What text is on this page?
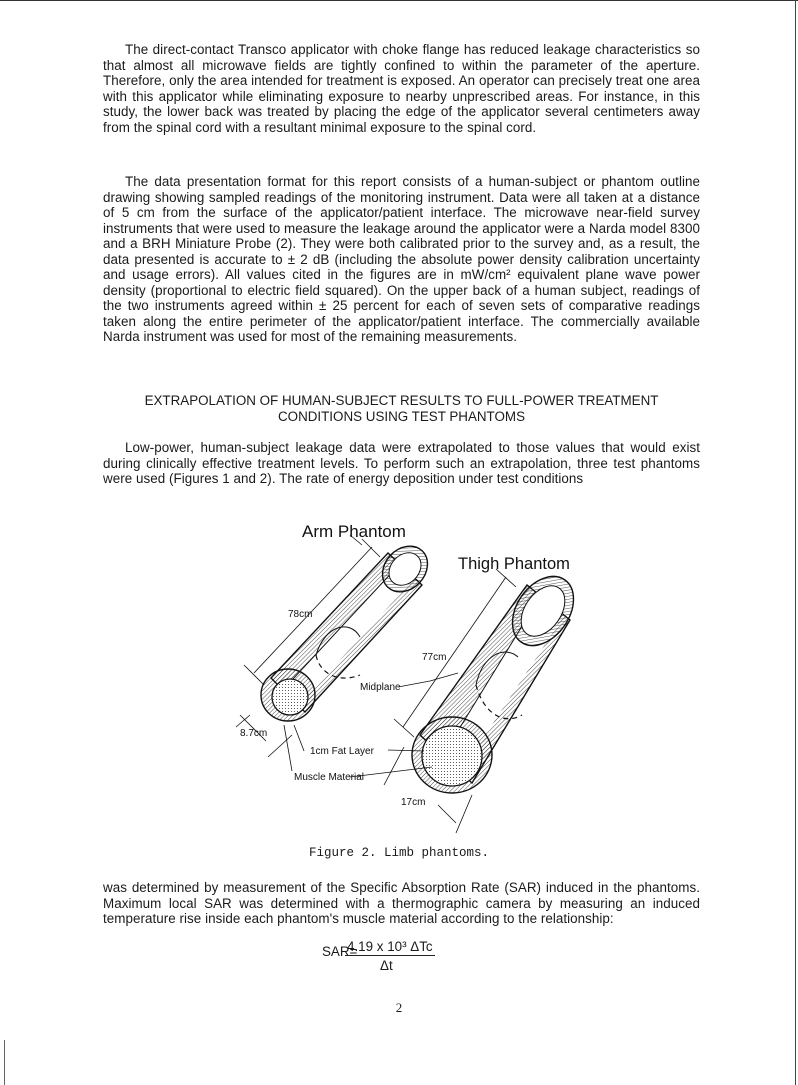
The direct-contact Transco applicator with choke flange has reduced leakage characteristics so that almost all microwave fields are tightly confined to within the parameter of the aperture. Therefore, only the area intended for treatment is exposed. An operator can precisely treat one area with this applicator while eliminating exposure to nearby unprescribed areas. For instance, in this study, the lower back was treated by placing the edge of the applicator several centimeters away from the spinal cord with a resultant minimal exposure to the spinal cord.

The data presentation format for this report consists of a human-subject or phantom outline drawing showing sampled readings of the monitoring instrument. Data were all taken at a distance of 5 cm from the surface of the applicator/patient interface. The microwave near-field survey instruments that were used to measure the leakage around the applicator were a Narda model 8300 and a BRH Miniature Probe (2). They were both calibrated prior to the survey and, as a result, the data presented is accurate to ± 2 dB (including the absolute power density calibration uncertainty and usage errors). All values cited in the figures are in mW/cm² equivalent plane wave power density (proportional to electric field squared). On the upper back of a human subject, readings of the two instruments agreed within ± 25 percent for each of seven sets of comparative readings taken along the entire perimeter of the applicator/patient interface. The commercially available Narda instrument was used for most of the remaining measurements.

EXTRAPOLATION OF HUMAN-SUBJECT RESULTS TO FULL-POWER TREATMENT
CONDITIONS USING TEST PHANTOMS

Low-power, human-subject leakage data were extrapolated to those values that would exist during clinically effective treatment levels. To perform such an extrapolation, three test phantoms were used (Figures 1 and 2). The rate of energy deposition under test conditions

Arm Phantom
Thigh Phantom
78cm
77cm
Midplane
8.7cm
1cm Fat Layer
Muscle Material
17cm
Figure 2. Limb phantoms.

was determined by measurement of the Specific Absorption Rate (SAR) induced in the phantoms. Maximum local SAR was determined with a thermographic camera by measuring an induced temperature rise inside each phantom's muscle material according to the relationship:

SAR=
4.19 x 10³ ΔTc
Δt
2
